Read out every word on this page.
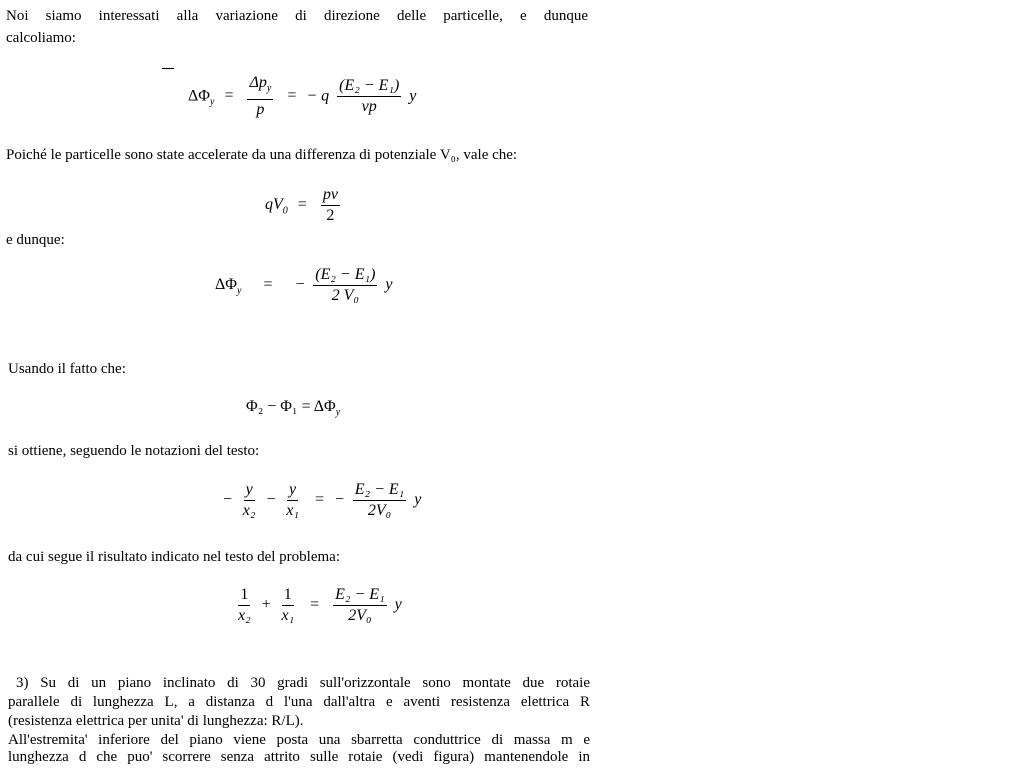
Noi siamo interessati alla variazione di direzione delle particelle, e dunque
calcoliamo:
$\Delta\Phi_y = \frac{\Delta p_y}{p}$ = − q $\frac{\text{(E₂ − E₁)}}{vp}$ y
Poiché le particelle sono state accelerate da una differenza di potenziale V₀, vale che:
$qV_0 = \frac{pv}{2}$
e dunque:
$\Delta\Phi_y$ = − $\frac{\text{(E₂ − E₁)}}{\text{2 V₀}}$ y
Usando il fatto che:
$\Phi_2 - \Phi_1 = \Delta\Phi_y$
si ottiene, seguendo le notazioni del testo:
− $\frac{y}{\text{x₂}} - \frac{y}{\text{x₁}}$ = − $\frac{\text{E₂ − E₁}}{\text{2V₀}}$ y
da cui segue il risultato indicato nel testo del problema:
$\frac{1}{\text{x₂}} + \frac{1}{\text{x₁}} = \frac{\text{E₂ − E₁}}{\text{2V₀}}$ y
3) Su di un piano inclinato di 30 gradi sull'orizzontale sono montate due rotaie
parallele di lunghezza L, a distanza d l'una dall'altra e aventi resistenza elettrica R
(resistenza elettrica per unita' di lunghezza: R/L).
All'estremita' inferiore del piano viene posta una sbarretta conduttrice di massa m e
lunghezza d che puo' scorrere senza attrito sulle rotaie (vedi figura) mantenendole in
